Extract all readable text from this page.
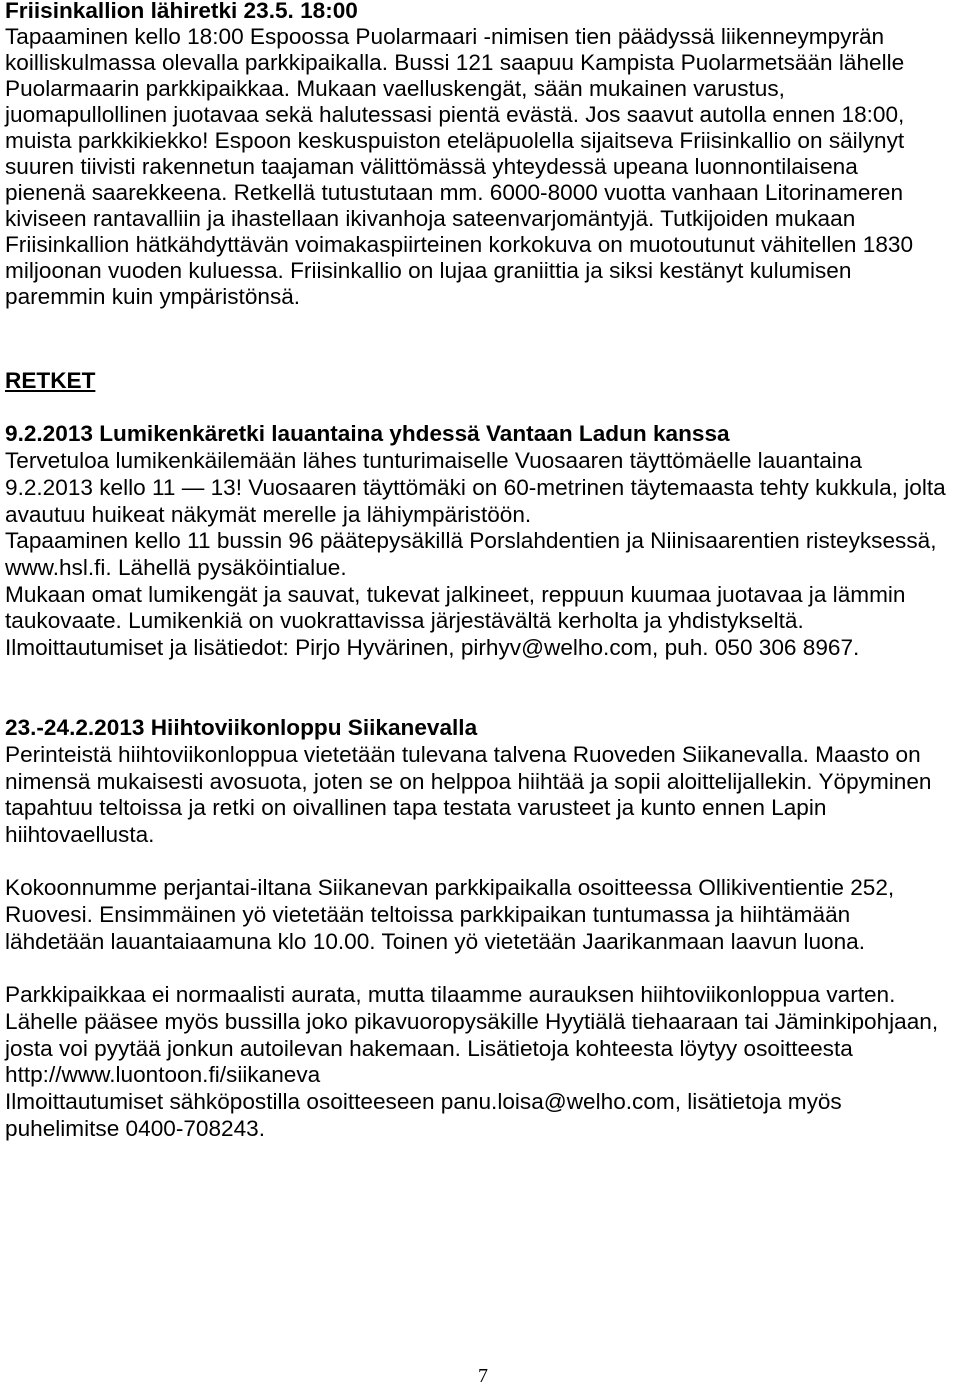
Friisinkallion lähiretki 23.5. 18:00
Tapaaminen kello 18:00 Espoossa Puolarmaari -nimisen tien päädyssä liikenneympyrän
koilliskulmassa olevalla parkkipaikalla. Bussi 121 saapuu Kampista Puolarmetsään lähelle
Puolarmaarin parkkipaikkaa. Mukaan vaelluskengät, sään mukainen varustus,
juomapullollinen juotavaa sekä halutessasi pientä evästä. Jos saavut autolla ennen 18:00,
muista parkkikiekko! Espoon keskuspuiston eteläpuolella sijaitseva Friisinkallio on säilynyt
suuren tiivisti rakennetun taajaman välittömässä yhteydessä upeana luonnontilaisena
pienenä saarekkeena. Retkellä tutustutaan mm. 6000-8000 vuotta vanhaan Litorinameren
kiviseen rantavalliin ja ihastellaan ikivanhoja sateenvarjomäntyjä. Tutkijoiden mukaan
Friisinkallion hätkähdyttävän voimakaspiirteinen korkokuva on muotoutunut vähitellen 1830
miljoonan vuoden kuluessa. Friisinkallio on lujaa graniittia ja siksi kestänyt kulumisen
paremmin kuin ympäristönsä.
RETKET
9.2.2013 Lumikenkäretki lauantaina yhdessä Vantaan Ladun kanssa
Tervetuloa lumikenkäilemään lähes tunturimaiselle Vuosaaren täyttömäelle lauantaina
9.2.2013 kello 11 — 13! Vuosaaren täyttömäki on 60-metrinen täytemaasta tehty kukkula, jolta
avautuu huikeat näkymät merelle ja lähiympäristöön.
Tapaaminen kello 11 bussin 96 päätepysäkillä Porslahdentien ja Niinisaarentien risteyksessä,
www.hsl.fi. Lähellä pysäköintialue.
Mukaan omat lumikengät ja sauvat, tukevat jalkineet, reppuun kuumaa juotavaa ja lämmin
taukovaate. Lumikenkiä on vuokrattavissa järjestävältä kerholta ja yhdistykseltä.
Ilmoittautumiset ja lisätiedot: Pirjo Hyvärinen, pirhyv@welho.com, puh. 050 306 8967.
23.-24.2.2013 Hiihtoviikonloppu Siikanevalla
Perinteistä hiihtoviikonloppua vietetään tulevana talvena Ruoveden Siikanevalla. Maasto on
nimensä mukaisesti avosuota, joten se on helppoa hiihtää ja sopii aloittelijallekin. Yöpyminen
tapahtuu teltoissa ja retki on oivallinen tapa testata varusteet ja kunto ennen Lapin
hiihtovaellusta.
Kokoonnumme perjantai-iltana Siikanevan parkkipaikalla osoitteessa Ollikiventientie 252,
Ruovesi. Ensimmäinen yö vietetään teltoissa parkkipaikan tuntumassa ja hiihtämään
lähdetään lauantaiaamuna klo 10.00. Toinen yö vietetään Jaarikanmaan laavun luona.
Parkkipaikkaa ei normaalisti aurata, mutta tilaamme aurauksen hiihtoviikonloppua varten.
Lähelle pääsee myös bussilla joko pikavuoropysäkille Hyytiälä tiehaaraan tai Jäminkipohjaan,
josta voi pyytää jonkun autoilevan hakemaan. Lisätietoja kohteesta löytyy osoitteesta
http://www.luontoon.fi/siikaneva
Ilmoittautumiset sähköpostilla osoitteeseen panu.loisa@welho.com, lisätietoja myös
puhelimitse 0400-708243.
7
